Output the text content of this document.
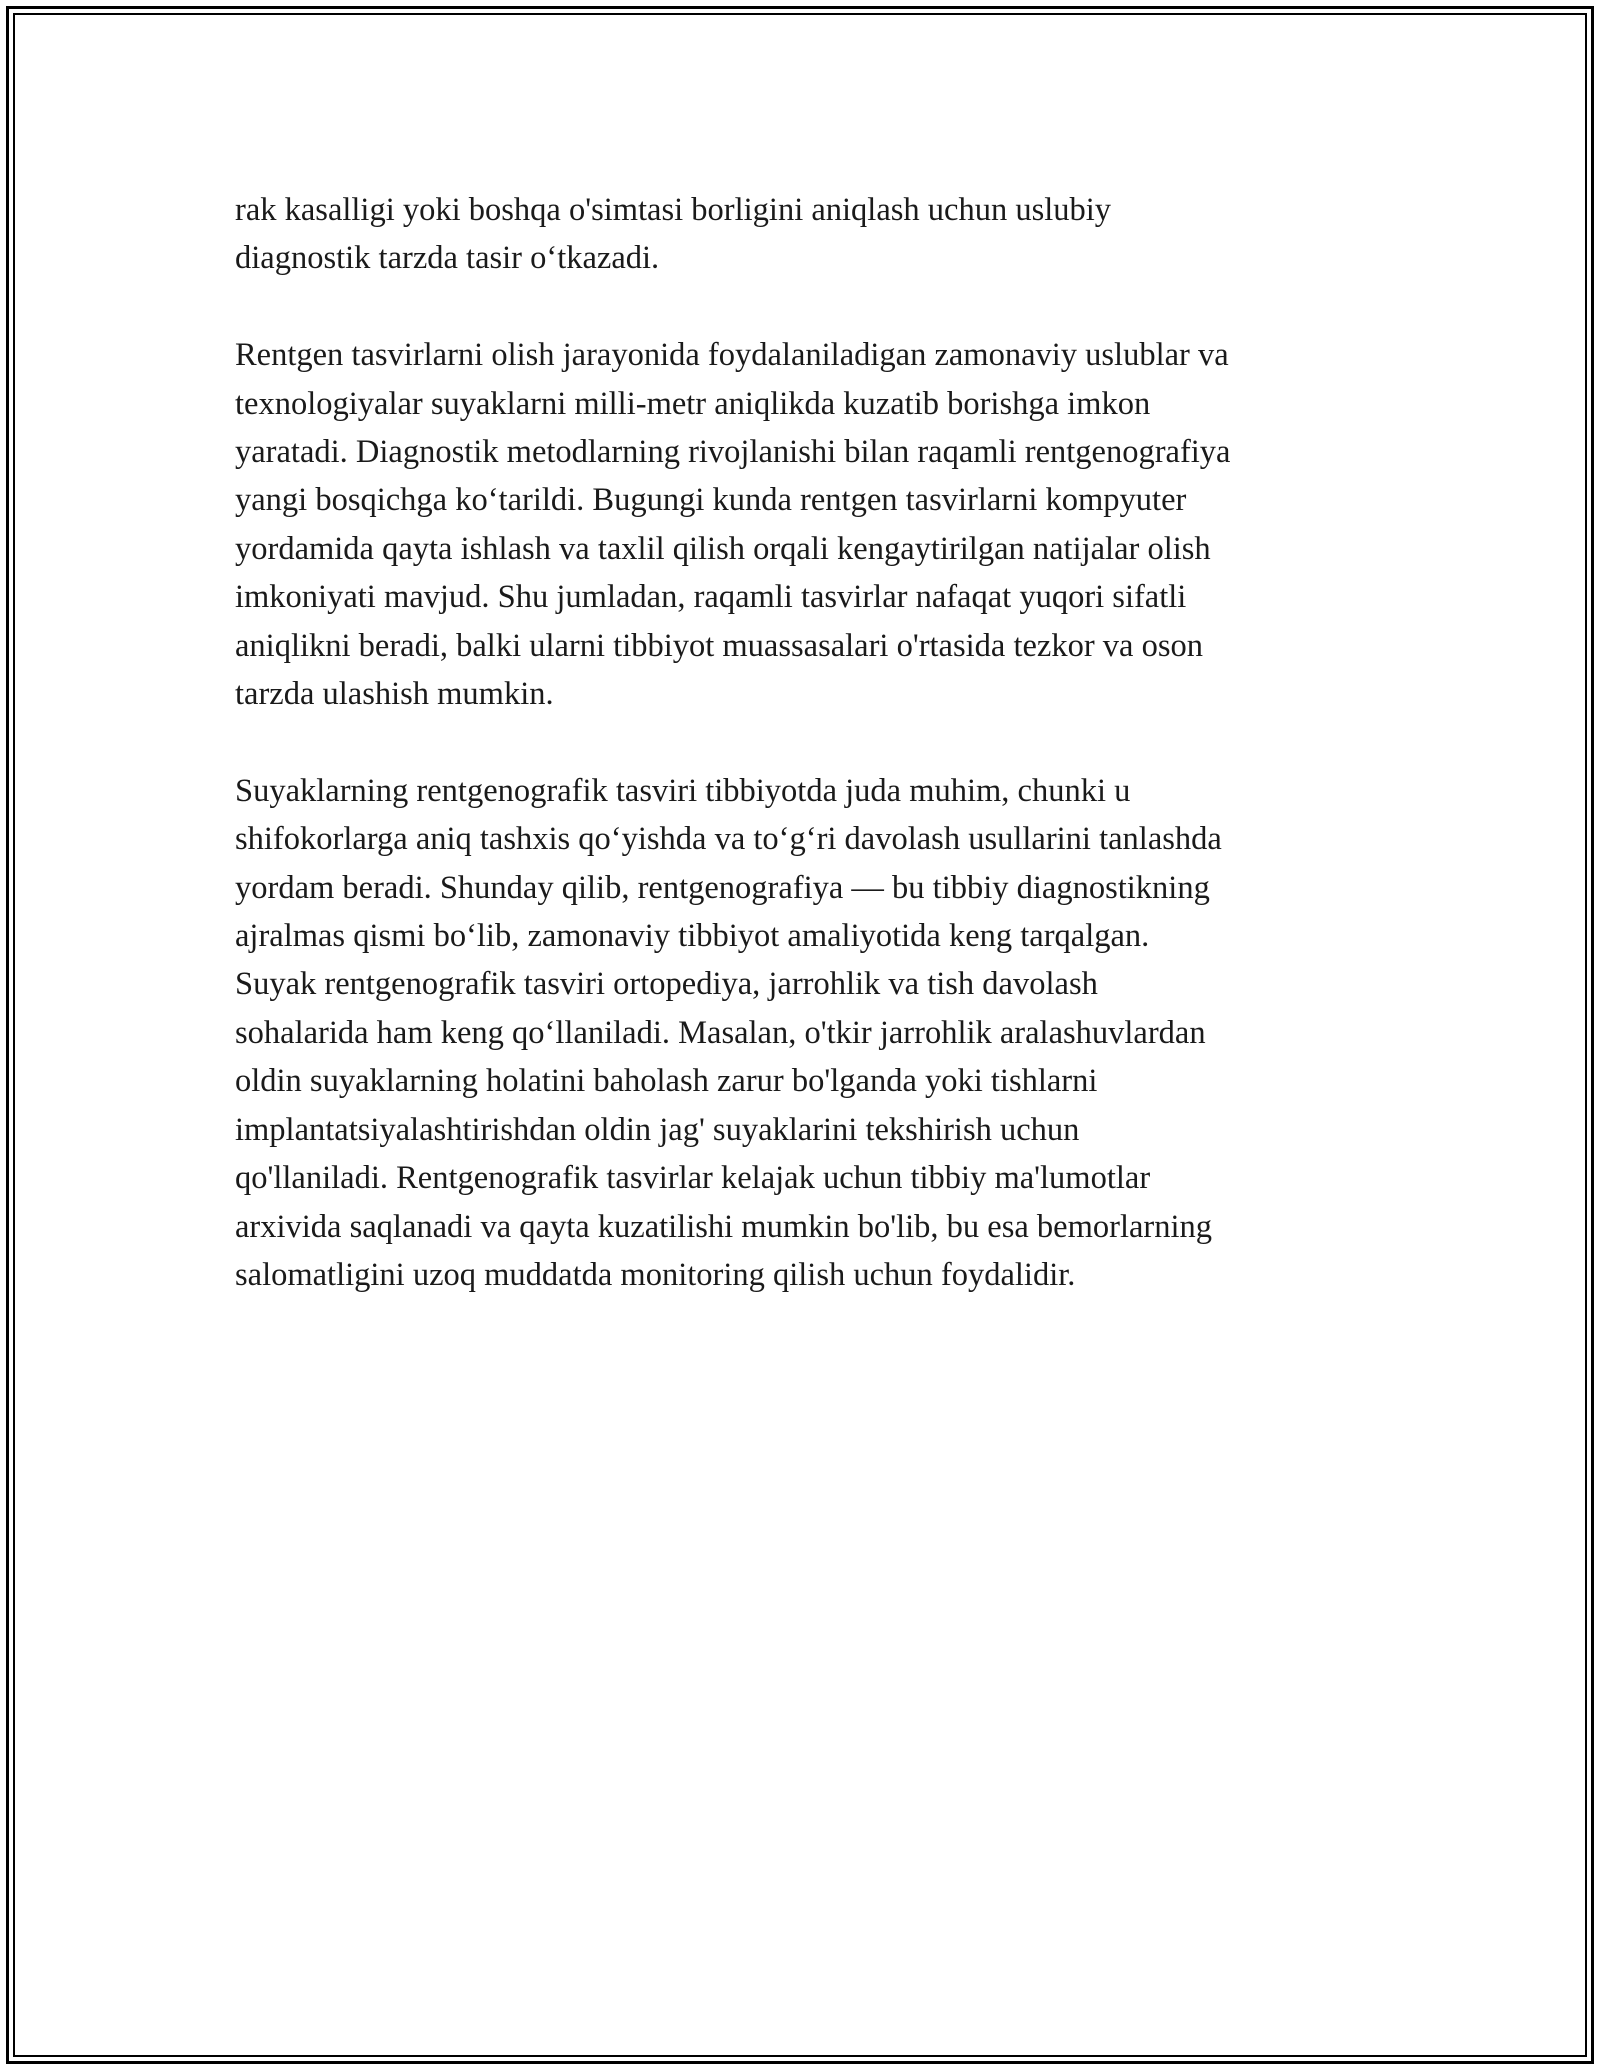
rak kasalligi yoki boshqa o'simtasi borligini aniqlash uchun uslubiy
diagnostik tarzda tasir oʻtkazadi.

Rentgen tasvirlarni olish jarayonida foydalaniladigan zamonaviy uslublar va
texnologiyalar suyaklarni milli-metr aniqlikda kuzatib borishga imkon
yaratadi. Diagnostik metodlarning rivojlanishi bilan raqamli rentgenografiya
yangi bosqichga koʻtarildi. Bugungi kunda rentgen tasvirlarni kompyuter
yordamida qayta ishlash va taxlil qilish orqali kengaytirilgan natijalar olish
imkoniyati mavjud. Shu jumladan, raqamli tasvirlar nafaqat yuqori sifatli
aniqlikni beradi, balki ularni tibbiyot muassasalari o'rtasida tezkor va oson
tarzda ulashish mumkin.

Suyaklarning rentgenografik tasviri tibbiyotda juda muhim, chunki u
shifokorlarga aniq tashxis qoʻyishda va toʻgʻri davolash usullarini tanlashda
yordam beradi. Shunday qilib, rentgenografiya — bu tibbiy diagnostikning
ajralmas qismi boʻlib, zamonaviy tibbiyot amaliyotida keng tarqalgan.
Suyak rentgenografik tasviri ortopediya, jarrohlik va tish davolash
sohalarida ham keng qoʻllaniladi. Masalan, o'tkir jarrohlik aralashuvlardan
oldin suyaklarning holatini baholash zarur bo'lganda yoki tishlarni
implantatsiyalashtirishdan oldin jag' suyaklarini tekshirish uchun
qo'llaniladi. Rentgenografik tasvirlar kelajak uchun tibbiy ma'lumotlar
arxivida saqlanadi va qayta kuzatilishi mumkin bo'lib, bu esa bemorlarning
salomatligini uzoq muddatda monitoring qilish uchun foydalidir.
